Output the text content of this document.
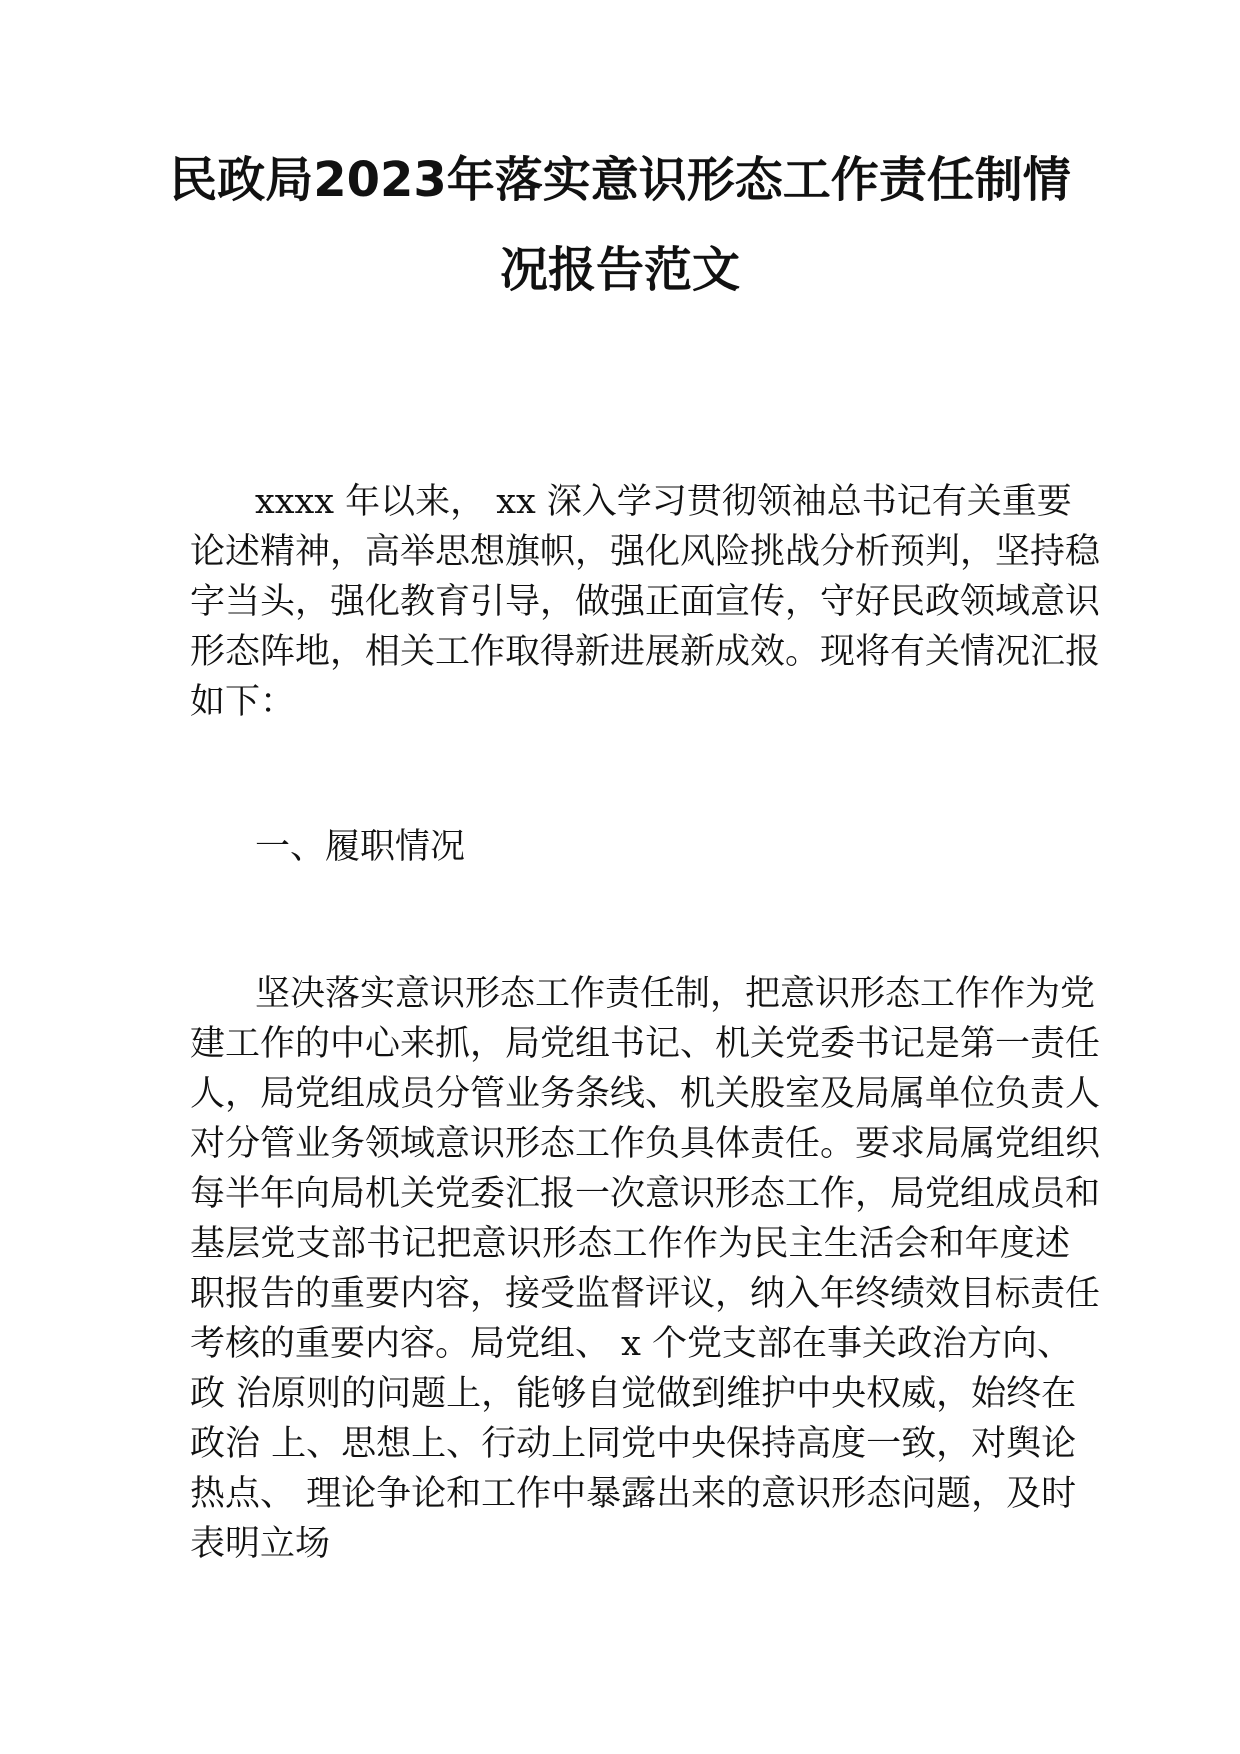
民政局2023年落实意识形态工作责任制情
况报告范文
xxxx 年以来， xx 深入学习贯彻领袖总书记有关重要
论述精神，高举思想旗帜，强化风险挑战分析预判，坚持稳
字当头，强化教育引导，做强正面宣传，守好民政领域意识
形态阵地，相关工作取得新进展新成效。现将有关情况汇报
如下：
一、履职情况
坚决落实意识形态工作责任制，把意识形态工作作为党
建工作的中心来抓，局党组书记、机关党委书记是第一责任
人，局党组成员分管业务条线、机关股室及局属单位负责人
对分管业务领域意识形态工作负具体责任。要求局属党组织
每半年向局机关党委汇报一次意识形态工作，局党组成员和
基层党支部书记把意识形态工作作为民主生活会和年度述
职报告的重要内容，接受监督评议，纳入年终绩效目标责任
考核的重要内容。局党组、 x 个党支部在事关政治方向、
政 治原则的问题上，能够自觉做到维护中央权威，始终在
政治 上、思想上、行动上同党中央保持高度一致，对舆论
热点、 理论争论和工作中暴露出来的意识形态问题，及时
表明立场
